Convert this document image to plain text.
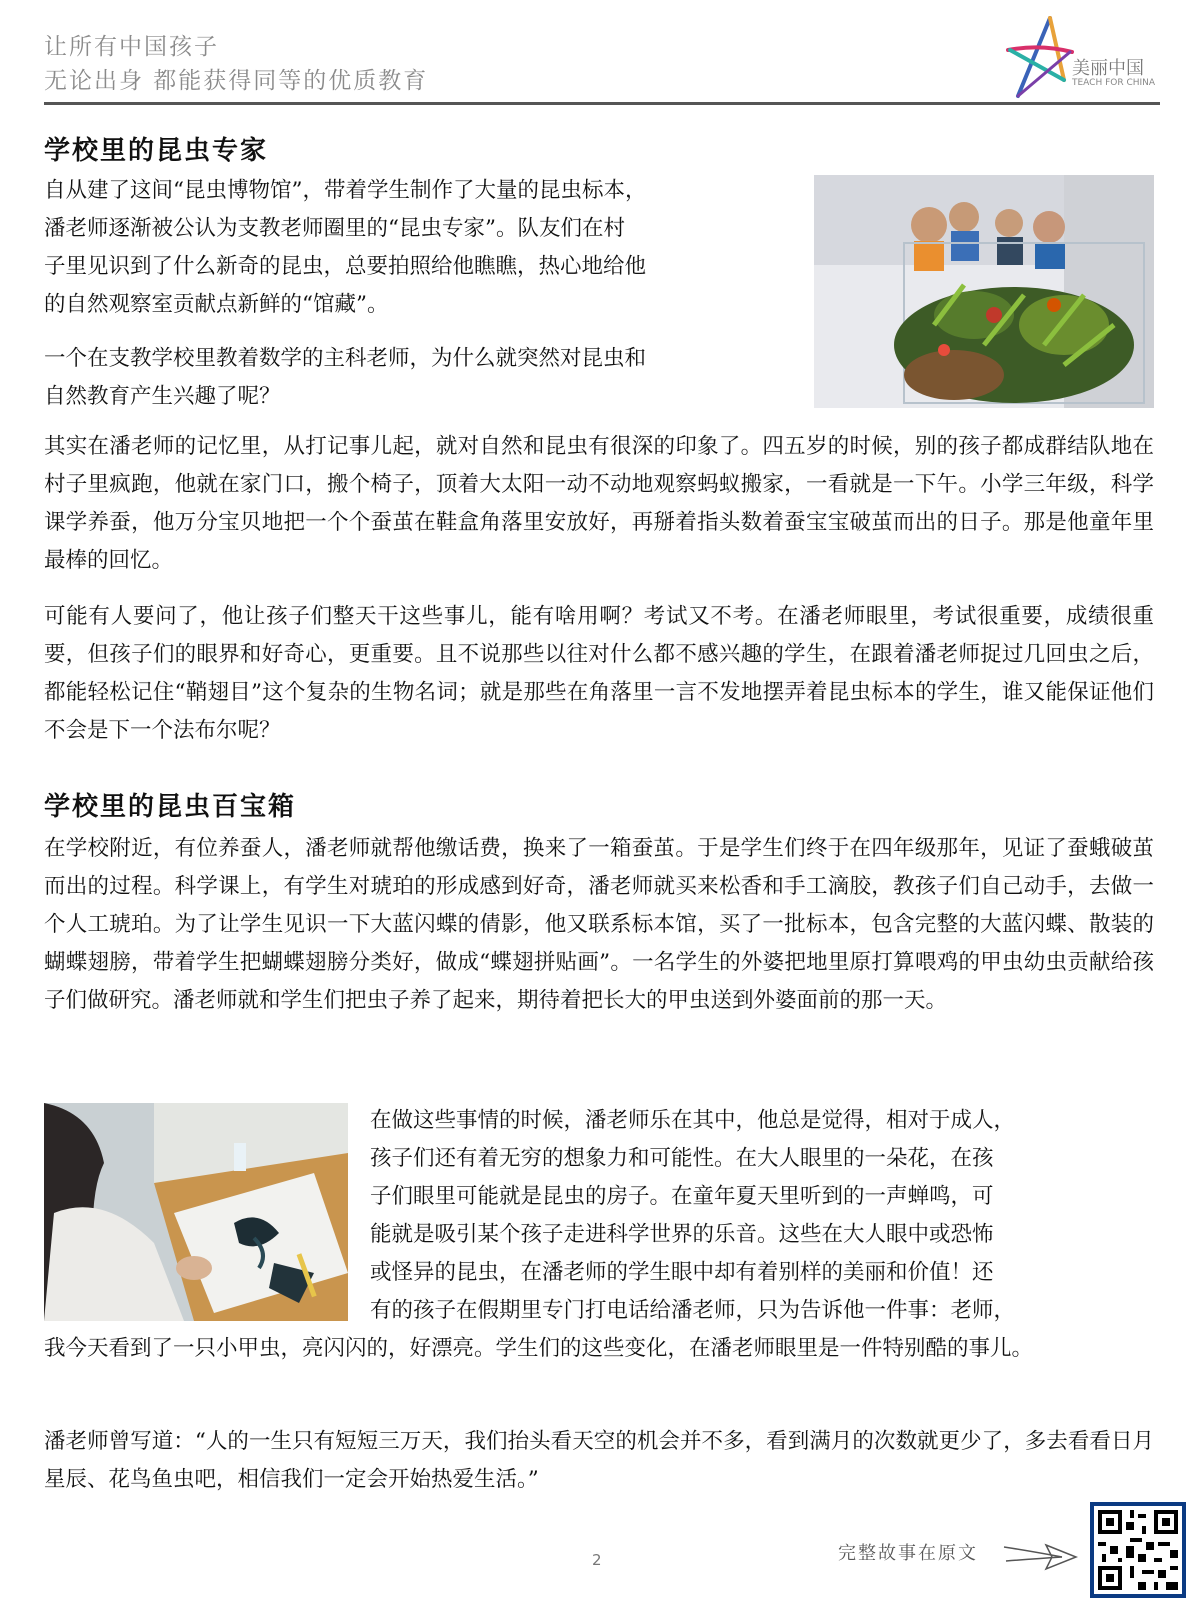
让所有中国孩子
无论出身 都能获得同等的优质教育	美丽中国
TEACH FOR CHINA
学校里的昆虫专家
自从建了这间“昆虫博物馆”，带着学生制作了大量的昆虫标本，
潘老师逐渐被公认为支教老师圈里的“昆虫专家”。队友们在村
子里见识到了什么新奇的昆虫，总要拍照给他瞧瞧，热心地给他
的自然观察室贡献点新鲜的“馆藏”。
一个在支教学校里教着数学的主科老师，为什么就突然对昆虫和
自然教育产生兴趣了呢？
其实在潘老师的记忆里，从打记事儿起，就对自然和昆虫有很深的印象了。四五岁的时候，别的孩子都成群结队地在村子里疯跑，他就在家门口，搬个椅子，顶着大太阳一动不动地观察蚂蚁搬家，一看就是一下午。小学三年级，科学课学养蚕，他万分宝贝地把一个个蚕茧在鞋盒角落里安放好，再掰着指头数着蚕宝宝破茧而出的日子。那是他童年里最棒的回忆。
可能有人要问了，他让孩子们整天干这些事儿，能有啥用啊？考试又不考。在潘老师眼里，考试很重要，成绩很重要，但孩子们的眼界和好奇心，更重要。且不说那些以往对什么都不感兴趣的学生，在跟着潘老师捉过几回虫之后，都能轻松记住“鞘翅目”这个复杂的生物名词；就是那些在角落里一言不发地摆弄着昆虫标本的学生，谁又能保证他们不会是下一个法布尔呢？
学校里的昆虫百宝箱
在学校附近，有位养蚕人，潘老师就帮他缴话费，换来了一箱蚕茧。于是学生们终于在四年级那年，见证了蚕蛾破茧而出的过程。科学课上，有学生对琥珀的形成感到好奇，潘老师就买来松香和手工滴胶，教孩子们自己动手，去做一个人工琥珀。为了让学生见识一下大蓝闪蝶的倩影，他又联系标本馆，买了一批标本，包含完整的大蓝闪蝶、散装的蝴蝶翅膀，带着学生把蝴蝶翅膀分类好，做成“蝶翅拼贴画”。一名学生的外婆把地里原打算喂鸡的甲虫幼虫贡献给孩子们做研究。潘老师就和学生们把虫子养了起来，期待着把长大的甲虫送到外婆面前的那一天。
在做这些事情的时候，潘老师乐在其中，他总是觉得，相对于成人，
孩子们还有着无穷的想象力和可能性。在大人眼里的一朵花，在孩
子们眼里可能就是昆虫的房子。在童年夏天里听到的一声蝉鸣，可
能就是吸引某个孩子走进科学世界的乐音。这些在大人眼中或恐怖
或怪异的昆虫，在潘老师的学生眼中却有着别样的美丽和价值！还
有的孩子在假期里专门打电话给潘老师，只为告诉他一件事：老师，
我今天看到了一只小甲虫，亮闪闪的，好漂亮。学生们的这些变化，在潘老师眼里是一件特别酷的事儿。
潘老师曾写道：“人的一生只有短短三万天，我们抬头看天空的机会并不多，看到满月的次数就更少了，多去看看日月星辰、花鸟鱼虫吧，相信我们一定会开始热爱生活。”
2	完整故事在原文
